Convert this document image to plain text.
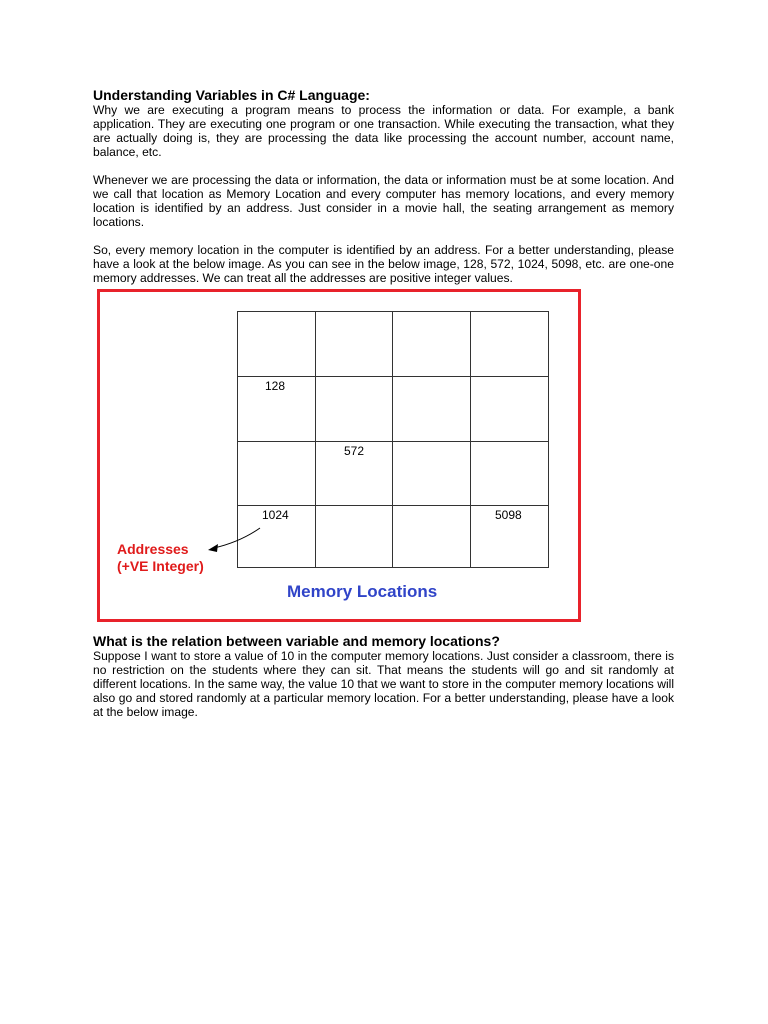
Understanding Variables in C# Language:

Why we are executing a program means to process the information or data. For example, a bank application. They are executing one program or one transaction. While executing the transaction, what they are actually doing is, they are processing the data like processing the account number, account name, balance, etc.

Whenever we are processing the data or information, the data or information must be at some location. And we call that location as Memory Location and every computer has memory locations, and every memory location is identified by an address. Just consider in a movie hall, the seating arrangement as memory locations.

So, every memory location in the computer is identified by an address. For a better understanding, please have a look at the below image. As you can see in the below image, 128, 572, 1024, 5098, etc. are one-one memory addresses. We can treat all the addresses are positive integer values.

128
572
1024	5098
Addresses
(+VE Integer)
Memory Locations
What is the relation between variable and memory locations?

Suppose I want to store a value of 10 in the computer memory locations. Just consider a classroom, there is no restriction on the students where they can sit. That means the students will go and sit randomly at different locations. In the same way, the value 10 that we want to store in the computer memory locations will also go and stored randomly at a particular memory location. For a better understanding, please have a look at the below image.
